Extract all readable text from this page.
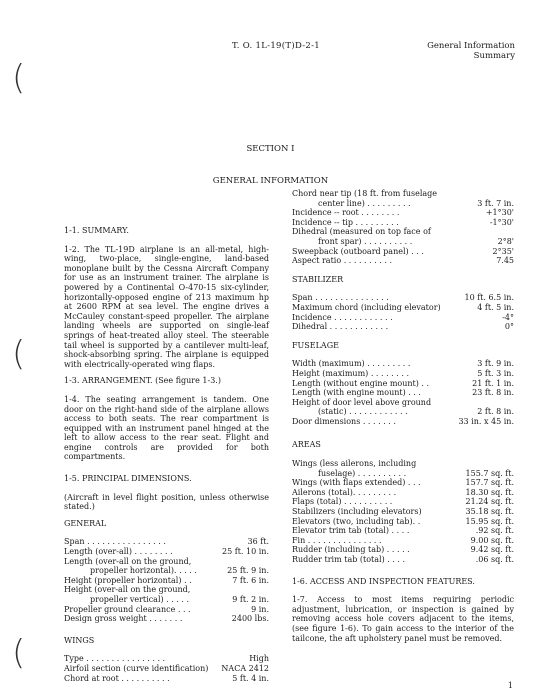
T. O. 1L-19(T)D-2-1	General Information
Summary
(
(
(
SECTION I
GENERAL INFORMATION
1-1. SUMMARY.

1-2. The TL-19D airplane is an all-metal, high-wing, two-place, single-engine, land-based monoplane built by the Cessna Aircraft Company for use as an instrument trainer. The airplane is powered by a Continental O-470-15 six-cylinder, horizontally-opposed engine of 213 maximum hp at 2600 RPM at sea level. The engine drives a McCauley constant-speed propeller. The airplane landing wheels are supported on single-leaf springs of heat-treated alloy steel. The steerable tail wheel is supported by a cantilever multi-leaf, shock-absorbing spring. The airplane is equipped with electrically-operated wing flaps.

1-3. ARRANGEMENT. (See figure 1-3.)

1-4. The seating arrangement is tandem. One door on the right-hand side of the airplane allows access to both seats. The rear compartment is equipped with an instrument panel hinged at the left to allow access to the rear seat. Flight and engine controls are provided for both compartments.

1-5. PRINCIPAL DIMENSIONS.

(Aircraft in level flight position, unless otherwise stated.)

GENERAL
Span . . . . . . . . . . . . . . . .	36 ft.
Length (over-all) . . . . . . . .	25 ft. 10 in.
Length (over-all on the ground,
propeller horizontal). . . . .	25 ft. 9 in.
Height (propeller horizontal) . .	7 ft. 6 in.
Height (over-all on the ground,
propeller vertical) . . . . .	9 ft. 2 in.
Propeller ground clearance . . .	9 in.
Design gross weight . . . . . . .	2400 lbs.
WINGS
Type . . . . . . . . . . . . . . . .	High
Airfoil section (curve identification) NACA 2412
Chord at root . . . . . . . . . .	5 ft. 4 in.
Chord near tip (18 ft. from fuselage
center line) . . . . . . . . .	3 ft. 7 in.
Incidence -- root . . . . . . . .	+1°30'
Incidence -- tip . . . . . . . . .	-1°30'
Dihedral (measured on top face of
front spar) . . . . . . . . . .	2°8'
Sweepback (outboard panel) . . .	2°35'
Aspect ratio . . . . . . . . . .	7.45
STABILIZER
Span . . . . . . . . . . . . . . .	10 ft. 6.5 in.
Maximum chord (including elevator)	4 ft. 5 in.
Incidence . . . . . . . . . . . .	-4°
Dihedral . . . . . . . . . . . .	0°
FUSELAGE
Width (maximum) . . . . . . . . .	3 ft. 9 in.
Height (maximum) . . . . . . . .	5 ft. 3 in.
Length (without engine mount) . .	21 ft. 1 in.
Length (with engine mount) . . .	23 ft. 8 in.
Height of door level above ground
(static) . . . . . . . . . . . .	2 ft. 8 in.
Door dimensions . . . . . . .	33 in. x 45 in.
AREAS
Wings (less ailerons, including
fuselage) . . . . . . . . . .	155.7 sq. ft.
Wings (with flaps extended) . . .	157.7 sq. ft.
Ailerons (total). . . . . . . . .	18.30 sq. ft.
Flaps (total) . . . . . . . . . .	21.24 sq. ft.
Stabilizers (including elevators)	35.18 sq. ft.
Elevators (two, including tab). .	15.95 sq. ft.
Elevator trim tab (total) . . . .	.92 sq. ft.
Fin . . . . . . . . . . . . . . .	9.00 sq. ft.
Rudder (including tab) . . . . .	9.42 sq. ft.
Rudder trim tab (total) . . . .	.06 sq. ft.
1-6. ACCESS AND INSPECTION FEATURES.

1-7. Access to most items requiring periodic adjustment, lubrication, or inspection is gained by removing access hole covers adjacent to the items, (see figure 1-6). To gain access to the interior of the tailcone, the aft upholstery panel must be removed.

1
